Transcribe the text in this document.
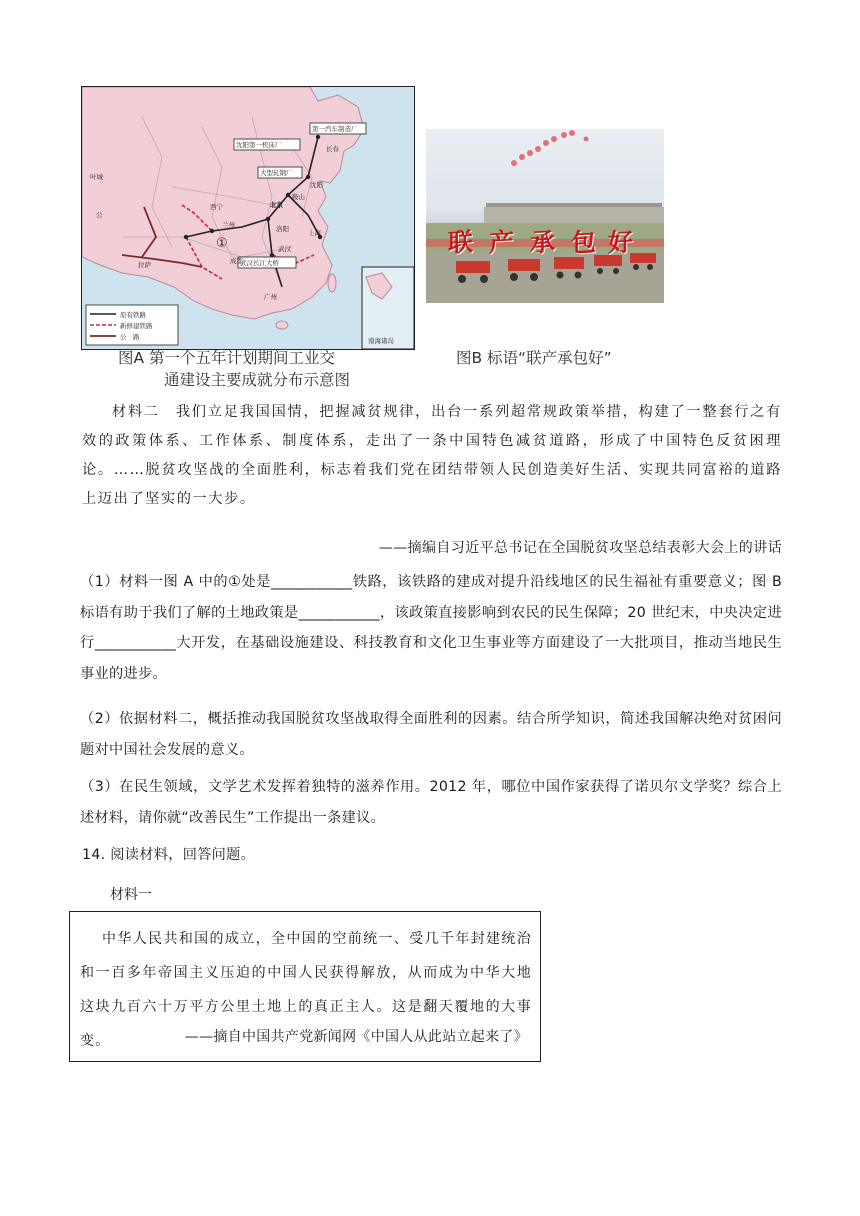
第一汽车制造厂
长春
沈阳第一机床厂
沈阳
大型轧钢厂
鞍山
北京
叶城
公
西宁
兰州	洛阳
武汉
上海
成都
拉萨	武汉长江大桥
广州
南海诸岛
原有铁路
新修建铁路
公　路
①
图A 第一个五年计划期间工业交
通建设主要成就分布示意图
联 产 承 包 好
图B 标语“联产承包好”
材料二　我们立足我国国情，把握减贫规律，出台一系列超常规政策举措，构建了一整套行之有效的政策体系、工作体系、制度体系，走出了一条中国特色减贫道路，形成了中国特色反贫困理论。……脱贫攻坚战的全面胜利，标志着我们党在团结带领人民创造美好生活、实现共同富裕的道路上迈出了坚实的一大步。
——摘编自习近平总书记在全国脱贫攻坚总结表彰大会上的讲话
（1）材料一图 A 中的①处是___________铁路，该铁路的建成对提升沿线地区的民生福祉有重要意义；图 B 标语有助于我们了解的土地政策是___________，该政策直接影响到农民的民生保障；20 世纪末，中央决定进行___________大开发，在基础设施建设、科技教育和文化卫生事业等方面建设了一大批项目，推动当地民生事业的进步。
（2）依据材料二，概括推动我国脱贫攻坚战取得全面胜利的因素。结合所学知识，简述我国解决绝对贫困问题对中国社会发展的意义。
（3）在民生领域，文学艺术发挥着独特的滋养作用。2012 年，哪位中国作家获得了诺贝尔文学奖？综合上述材料，请你就“改善民生”工作提出一条建议。
14. 阅读材料，回答问题。
材料一
中华人民共和国的成立，全中国的空前统一、受几千年封建统治和一百多年帝国主义压迫的中国人民获得解放，从而成为中华大地这块九百六十万平方公里土地上的真正主人。这是翻天覆地的大事变。	——摘自中国共产党新闻网《中国人从此站立起来了》
